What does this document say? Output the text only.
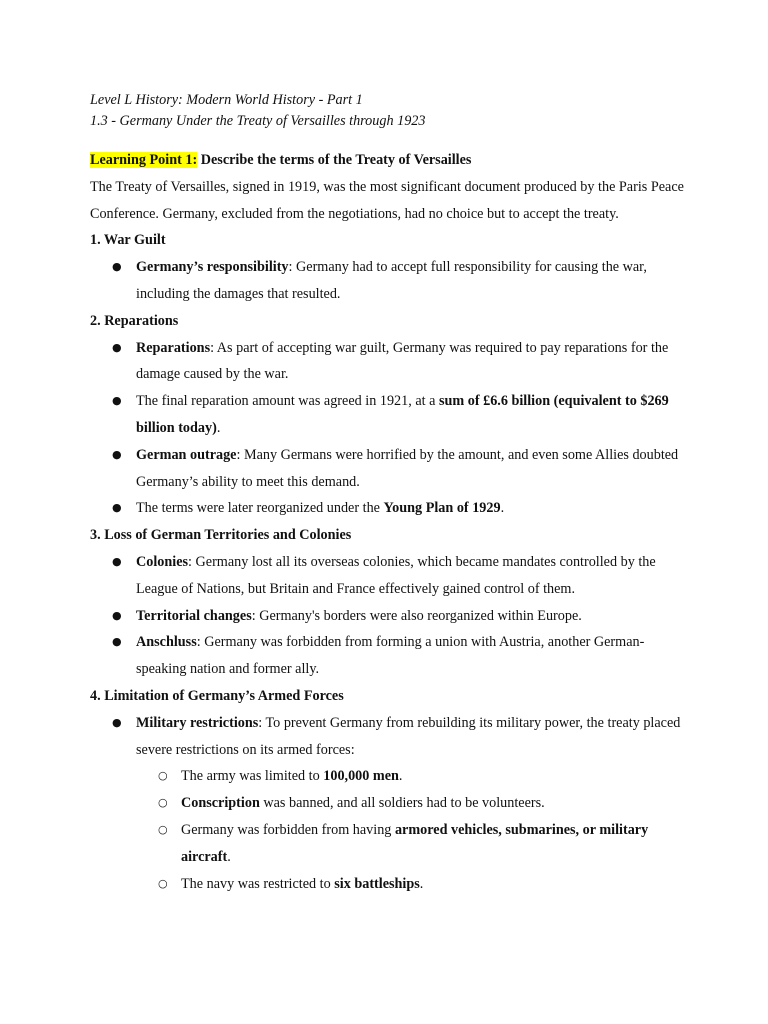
Level L History: Modern World History - Part 1
1.3 - Germany Under the Treaty of Versailles through 1923

Learning Point 1: Describe the terms of the Treaty of Versailles

The Treaty of Versailles, signed in 1919, was the most significant document produced by the Paris Peace Conference. Germany, excluded from the negotiations, had no choice but to accept the treaty.

1. War Guilt

● Germany’s responsibility: Germany had to accept full responsibility for causing the war, including the damages that resulted.

2. Reparations

● Reparations: As part of accepting war guilt, Germany was required to pay reparations for the damage caused by the war.
● The final reparation amount was agreed in 1921, at a sum of £6.6 billion (equivalent to $269 billion today).
● German outrage: Many Germans were horrified by the amount, and even some Allies doubted Germany’s ability to meet this demand.
● The terms were later reorganized under the Young Plan of 1929.

3. Loss of German Territories and Colonies

● Colonies: Germany lost all its overseas colonies, which became mandates controlled by the League of Nations, but Britain and France effectively gained control of them.
● Territorial changes: Germany's borders were also reorganized within Europe.
● Anschluss: Germany was forbidden from forming a union with Austria, another German-speaking nation and former ally.

4. Limitation of Germany’s Armed Forces

● Military restrictions: To prevent Germany from rebuilding its military power, the treaty placed severe restrictions on its armed forces:
○ The army was limited to 100,000 men.
○ Conscription was banned, and all soldiers had to be volunteers.
○ Germany was forbidden from having armored vehicles, submarines, or military aircraft.
○ The navy was restricted to six battleships.
